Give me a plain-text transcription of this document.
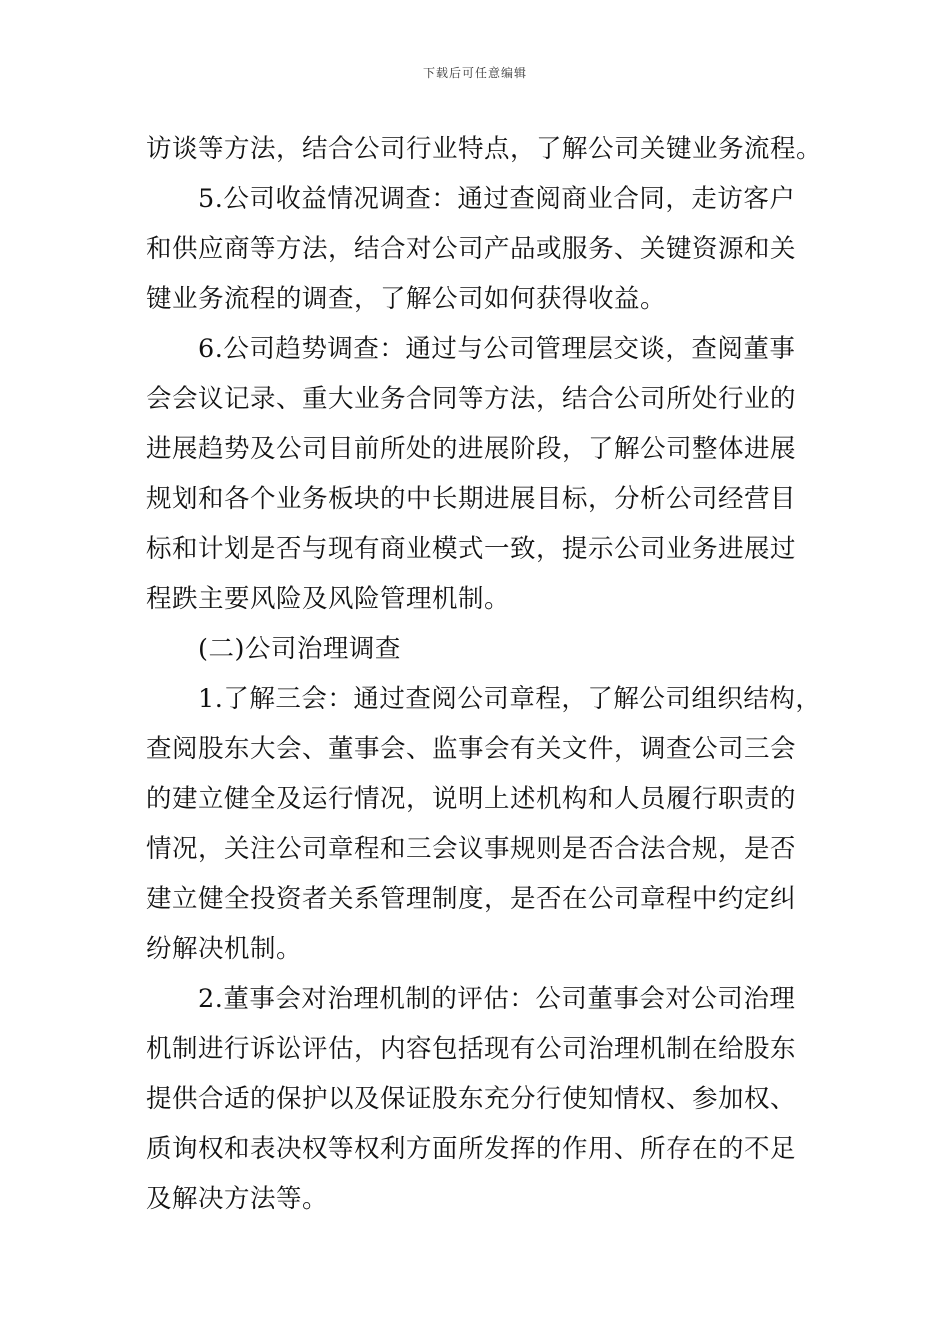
下载后可任意编辑
访谈等方法，结合公司行业特点，了解公司关键业务流程。
5.公司收益情况调查：通过查阅商业合同，走访客户
和供应商等方法，结合对公司产品或服务、关键资源和关
键业务流程的调查，了解公司如何获得收益。
6.公司趋势调查：通过与公司管理层交谈，查阅董事
会会议记录、重大业务合同等方法，结合公司所处行业的
进展趋势及公司目前所处的进展阶段，了解公司整体进展
规划和各个业务板块的中长期进展目标，分析公司经营目
标和计划是否与现有商业模式一致，提示公司业务进展过
程跌主要风险及风险管理机制。
(二)公司治理调查
1.了解三会：通过查阅公司章程，了解公司组织结构，
查阅股东大会、董事会、监事会有关文件，调查公司三会
的建立健全及运行情况，说明上述机构和人员履行职责的
情况，关注公司章程和三会议事规则是否合法合规，是否
建立健全投资者关系管理制度，是否在公司章程中约定纠
纷解决机制。
2.董事会对治理机制的评估：公司董事会对公司治理
机制进行诉讼评估，内容包括现有公司治理机制在给股东
提供合适的保护以及保证股东充分行使知情权、参加权、
质询权和表决权等权利方面所发挥的作用、所存在的不足
及解决方法等。
